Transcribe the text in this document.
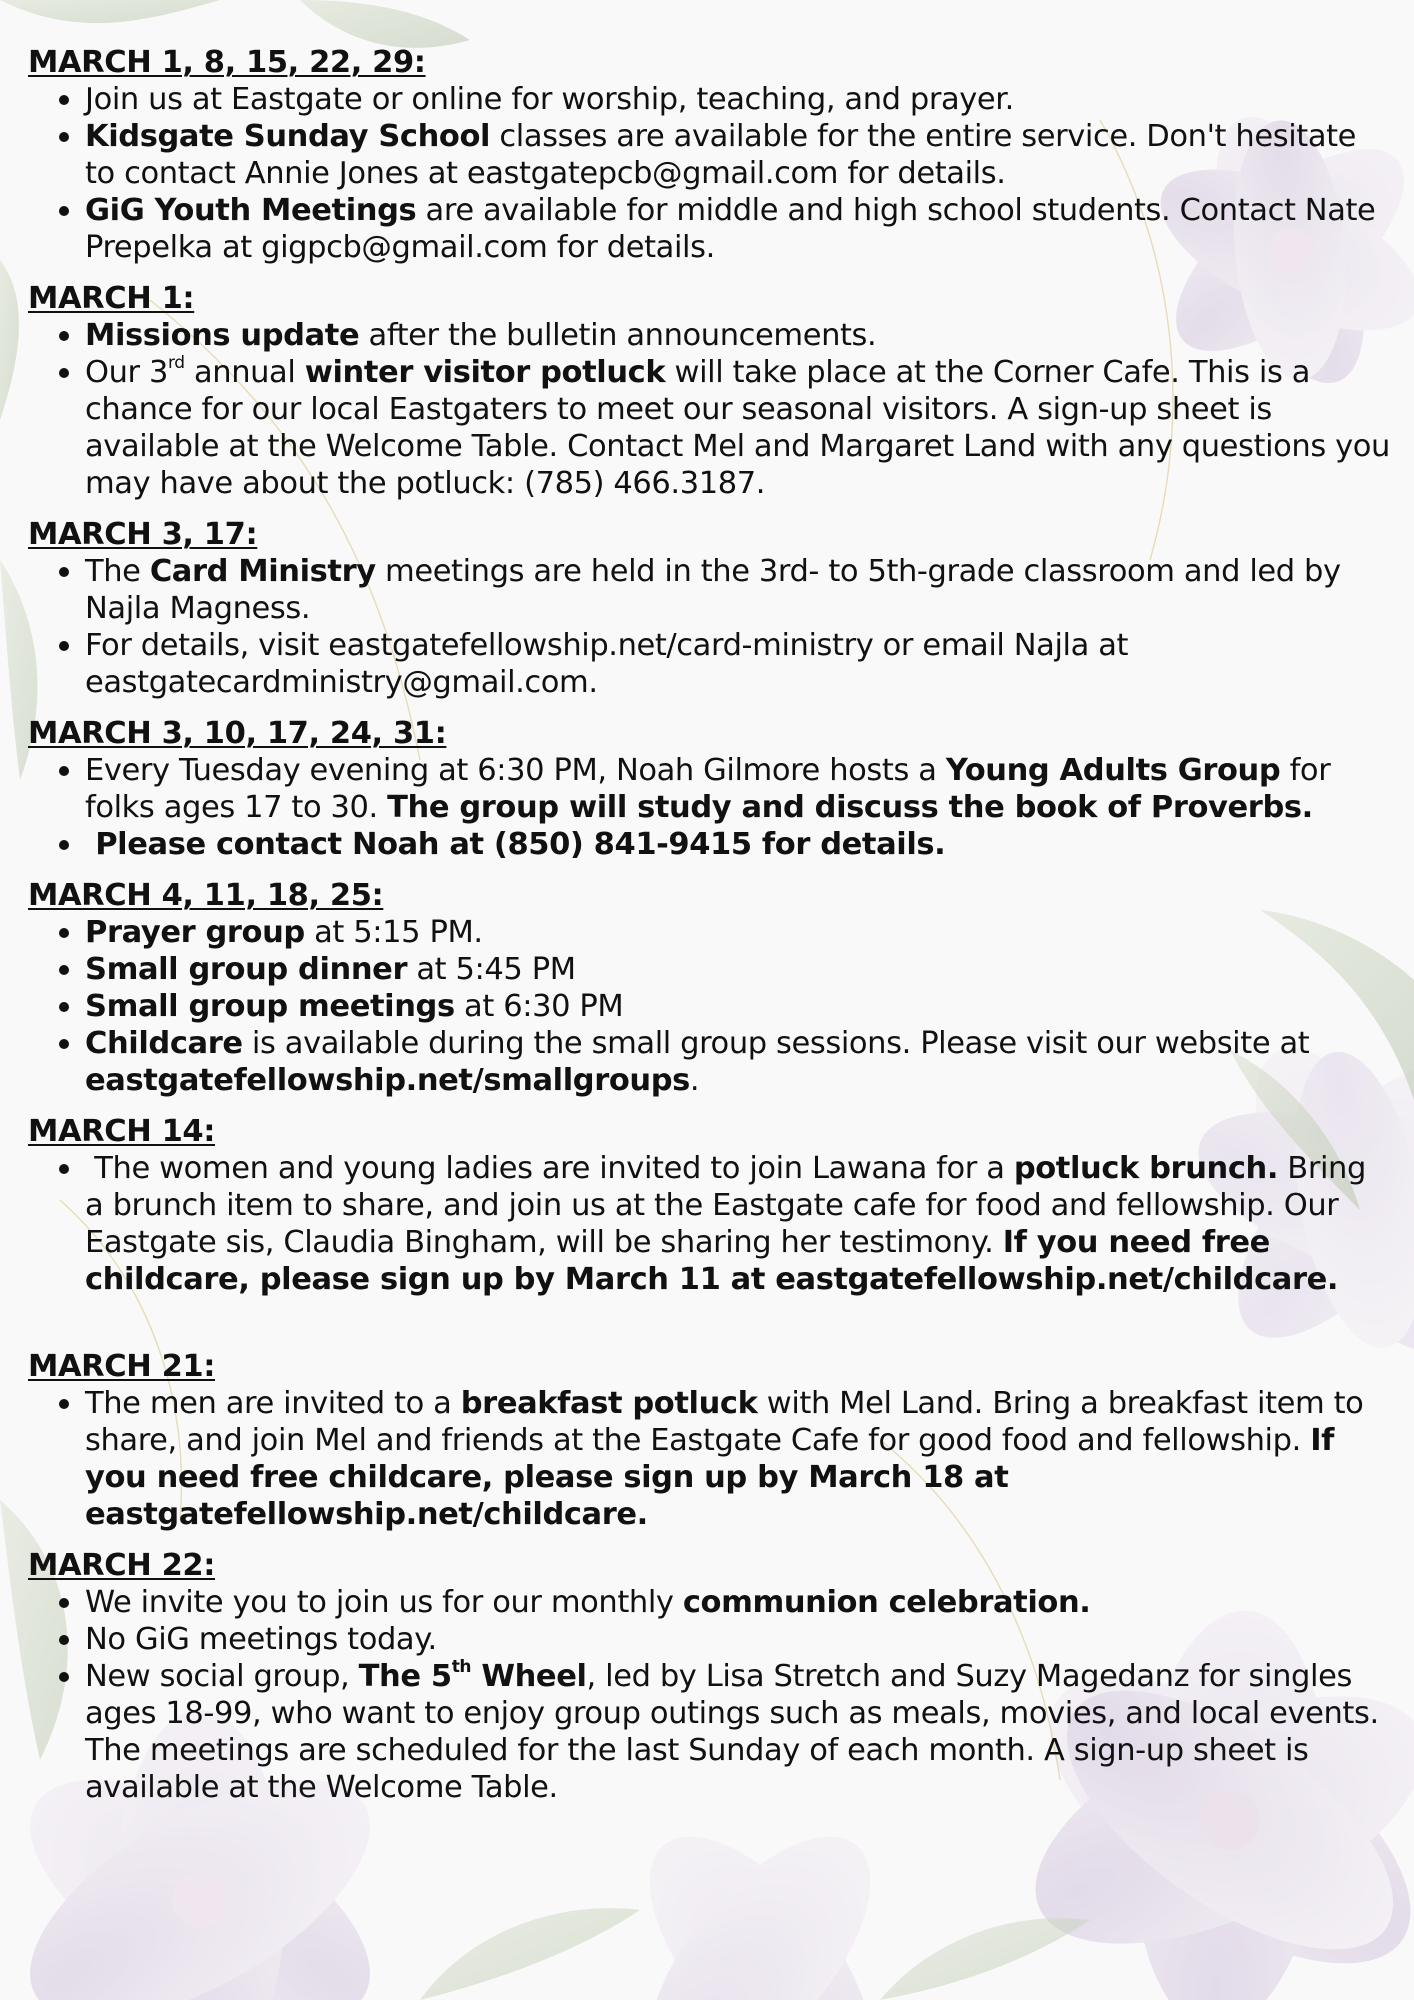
MARCH 1, 8, 15, 22, 29:

Join us at Eastgate or online for worship, teaching, and prayer.
Kidsgate Sunday School classes are available for the entire service. Don't hesitate to contact Annie Jones at eastgatepcb@gmail.com for details.
GiG Youth Meetings are available for middle and high school students. Contact Nate Prepelka at gigpcb@gmail.com for details.

MARCH 1:

Missions update after the bulletin announcements.
Our 3rd annual winter visitor potluck will take place at the Corner Cafe. This is a chance for our local Eastgaters to meet our seasonal visitors. A sign-up sheet is available at the Welcome Table. Contact Mel and Margaret Land with any questions you may have about the potluck: (785) 466.3187.

MARCH 3, 17:

The Card Ministry meetings are held in the 3rd- to 5th-grade classroom and led by Najla Magness.
For details, visit eastgatefellowship.net/card-ministry or email Najla at eastgatecardministry@gmail.com.

MARCH 3, 10, 17, 24, 31:

Every Tuesday evening at 6:30 PM, Noah Gilmore hosts a Young Adults Group for folks ages 17 to 30. The group will study and discuss the book of Proverbs.
Please contact Noah at (850) 841-9415 for details.

MARCH 4, 11, 18, 25:

Prayer group at 5:15 PM.
Small group dinner at 5:45 PM
Small group meetings at 6:30 PM
Childcare is available during the small group sessions. Please visit our website at eastgatefellowship.net/smallgroups.

MARCH 14:

The women and young ladies are invited to join Lawana for a potluck brunch. Bring a brunch item to share, and join us at the Eastgate cafe for food and fellowship. Our Eastgate sis, Claudia Bingham, will be sharing her testimony. If you need free childcare, please sign up by March 11 at eastgatefellowship.net/childcare.

MARCH 21:

The men are invited to a breakfast potluck with Mel Land. Bring a breakfast item to share, and join Mel and friends at the Eastgate Cafe for good food and fellowship. If you need free childcare, please sign up by March 18 at eastgatefellowship.net/childcare.

MARCH 22:

We invite you to join us for our monthly communion celebration.
No GiG meetings today.
New social group, The 5th Wheel, led by Lisa Stretch and Suzy Magedanz for singles ages 18-99, who want to enjoy group outings such as meals, movies, and local events. The meetings are scheduled for the last Sunday of each month. A sign-up sheet is available at the Welcome Table.
